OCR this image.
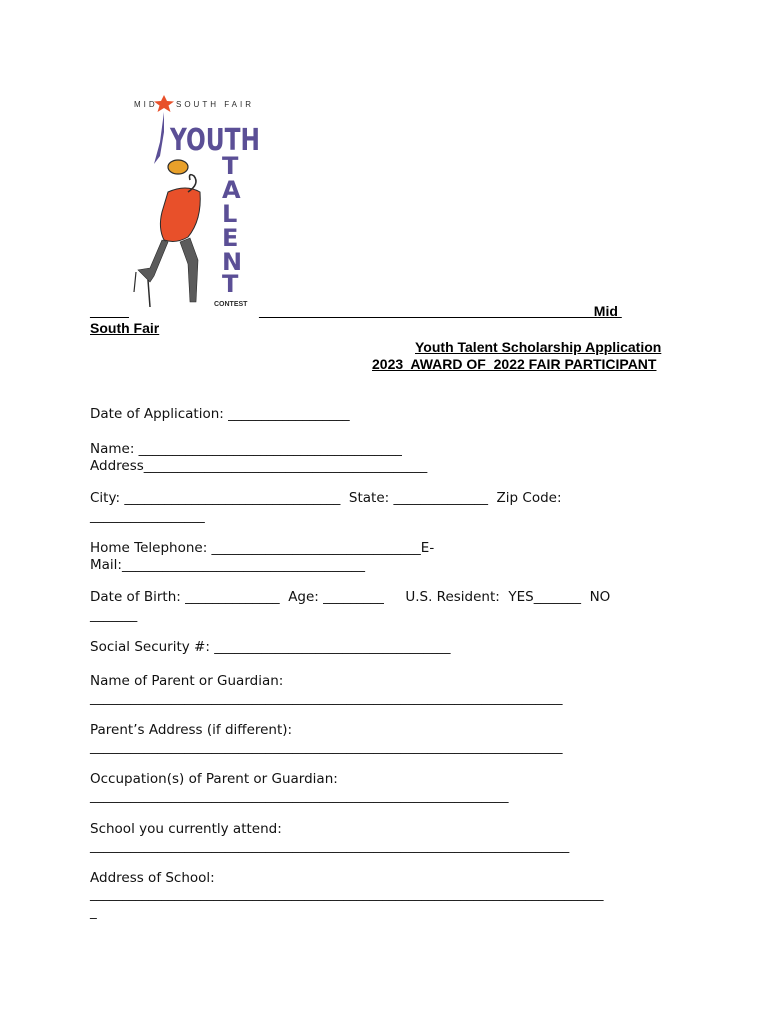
MID SOUTH FAIR
YOUTH
T
A
L
E
N
T
CONTEST
_____	___________________________________________Mid
South Fair
Youth Talent Scholarship Application
2023  AWARD OF  2022 FAIR PARTICIPANT
Date of Application: __________________
Name: _______________________________________
Address__________________________________________
City: ________________________________  State: ______________  Zip Code:
_________________
Home Telephone: _______________________________E-
Mail:____________________________________
Date of Birth: ______________  Age: _________     U.S. Resident:  YES_______  NO
_______
Social Security #: ___________________________________
Name of Parent or Guardian:
______________________________________________________________________
Parent’s Address (if different):
______________________________________________________________________
Occupation(s) of Parent or Guardian:
______________________________________________________________
School you currently attend:
_______________________________________________________________________
Address of School:
_______________________________________________________________________________
_
